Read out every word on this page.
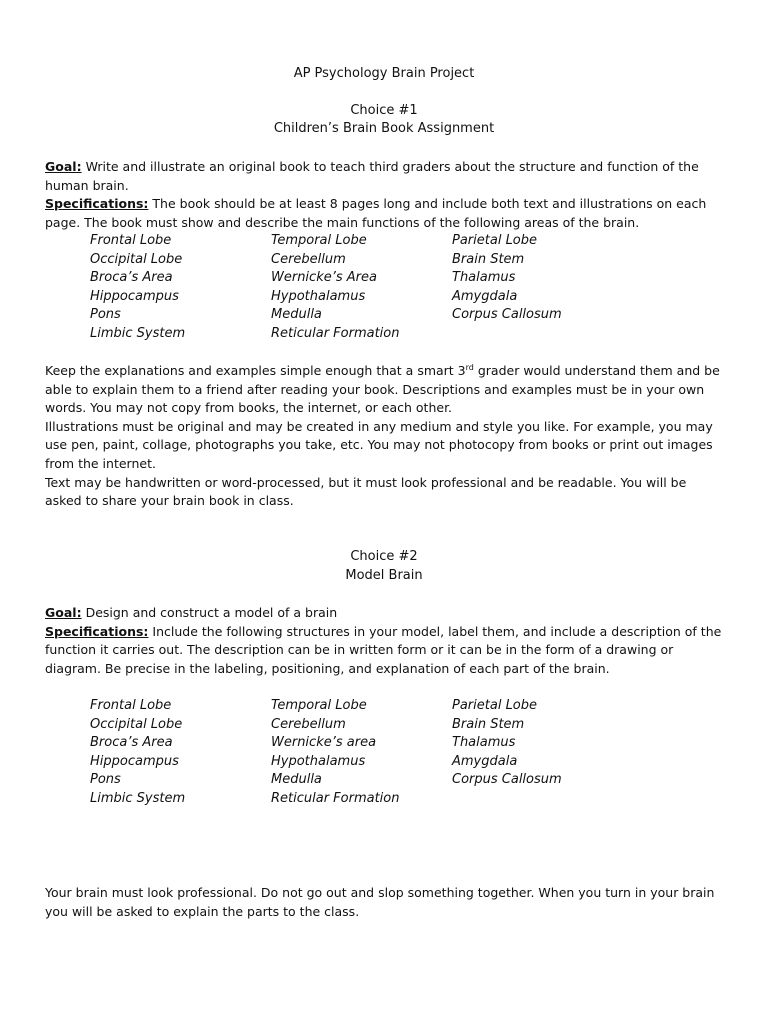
AP Psychology Brain Project
Choice #1
Children’s Brain Book Assignment

Goal: Write and illustrate an original book to teach third graders about the structure and function of the human brain.

Specifications: The book should be at least 8 pages long and include both text and illustrations on each page. The book must show and describe the main functions of the following areas of the brain.

Frontal Lobe	Temporal Lobe	Parietal Lobe
Occipital Lobe	Cerebellum	Brain Stem
Broca’s Area	Wernicke’s Area	Thalamus
Hippocampus	Hypothalamus	Amygdala
Pons	Medulla	Corpus Callosum
Limbic System	Reticular Formation

Keep the explanations and examples simple enough that a smart 3rd grader would understand them and be able to explain them to a friend after reading your book. Descriptions and examples must be in your own words. You may not copy from books, the internet, or each other.

Illustrations must be original and may be created in any medium and style you like. For example, you may use pen, paint, collage, photographs you take, etc. You may not photocopy from books or print out images from the internet.

Text may be handwritten or word-processed, but it must look professional and be readable. You will be asked to share your brain book in class.

Choice #2
Model Brain

Goal: Design and construct a model of a brain

Specifications: Include the following structures in your model, label them, and include a description of the function it carries out. The description can be in written form or it can be in the form of a drawing or diagram. Be precise in the labeling, positioning, and explanation of each part of the brain.

Frontal Lobe	Temporal Lobe	Parietal Lobe
Occipital Lobe	Cerebellum	Brain Stem
Broca’s Area	Wernicke’s area	Thalamus
Hippocampus	Hypothalamus	Amygdala
Pons	Medulla	Corpus Callosum
Limbic System	Reticular Formation

Your brain must look professional. Do not go out and slop something together. When you turn in your brain you will be asked to explain the parts to the class.
